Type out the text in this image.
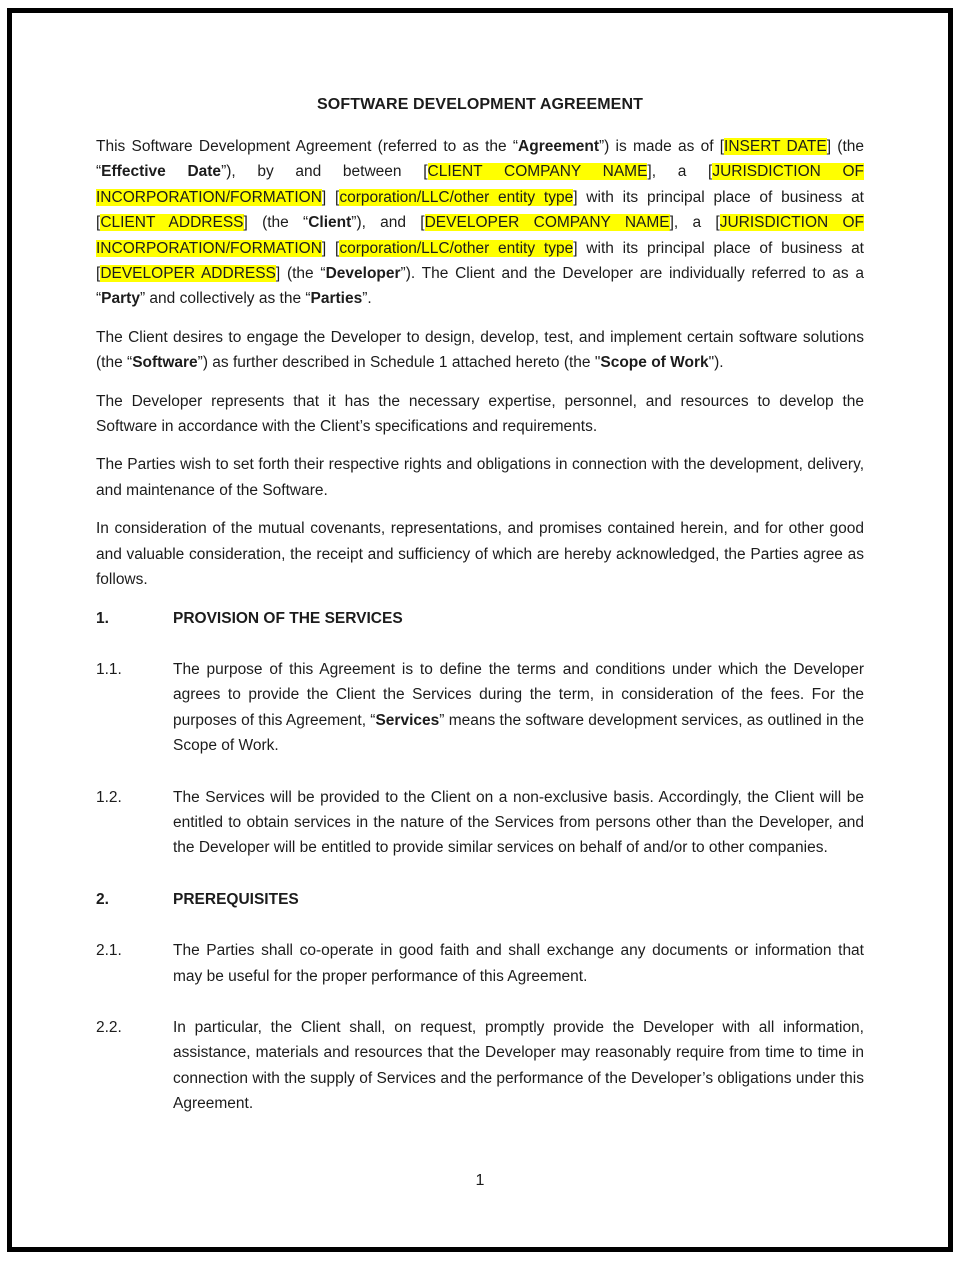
SOFTWARE DEVELOPMENT AGREEMENT

This Software Development Agreement (referred to as the “Agreement”) is made as of [INSERT DATE] (the “Effective Date”), by and between [CLIENT COMPANY NAME], a [JURISDICTION OF INCORPORATION/FORMATION] [corporation/LLC/other entity type] with its principal place of business at [CLIENT ADDRESS] (the “Client”), and [DEVELOPER COMPANY NAME], a [JURISDICTION OF INCORPORATION/FORMATION] [corporation/LLC/other entity type] with its principal place of business at [DEVELOPER ADDRESS] (the “Developer”). The Client and the Developer are individually referred to as a “Party” and collectively as the “Parties”.

The Client desires to engage the Developer to design, develop, test, and implement certain software solutions (the “Software”) as further described in Schedule 1 attached hereto (the "Scope of Work").

The Developer represents that it has the necessary expertise, personnel, and resources to develop the Software in accordance with the Client’s specifications and requirements.

The Parties wish to set forth their respective rights and obligations in connection with the development, delivery, and maintenance of the Software.

In consideration of the mutual covenants, representations, and promises contained herein, and for other good and valuable consideration, the receipt and sufficiency of which are hereby acknowledged, the Parties agree as follows.

1.	PROVISION OF THE SERVICES
1.1.	The purpose of this Agreement is to define the terms and conditions under which the Developer agrees to provide the Client the Services during the term, in consideration of the fees. For the purposes of this Agreement, “Services” means the software development services, as outlined in the Scope of Work.
1.2.	The Services will be provided to the Client on a non-exclusive basis. Accordingly, the Client will be entitled to obtain services in the nature of the Services from persons other than the Developer, and the Developer will be entitled to provide similar services on behalf of and/or to other companies.
2.	PREREQUISITES
2.1.	The Parties shall co-operate in good faith and shall exchange any documents or information that may be useful for the proper performance of this Agreement.
2.2.	In particular, the Client shall, on request, promptly provide the Developer with all information, assistance, materials and resources that the Developer may reasonably require from time to time in connection with the supply of Services and the performance of the Developer’s obligations under this Agreement.
1
